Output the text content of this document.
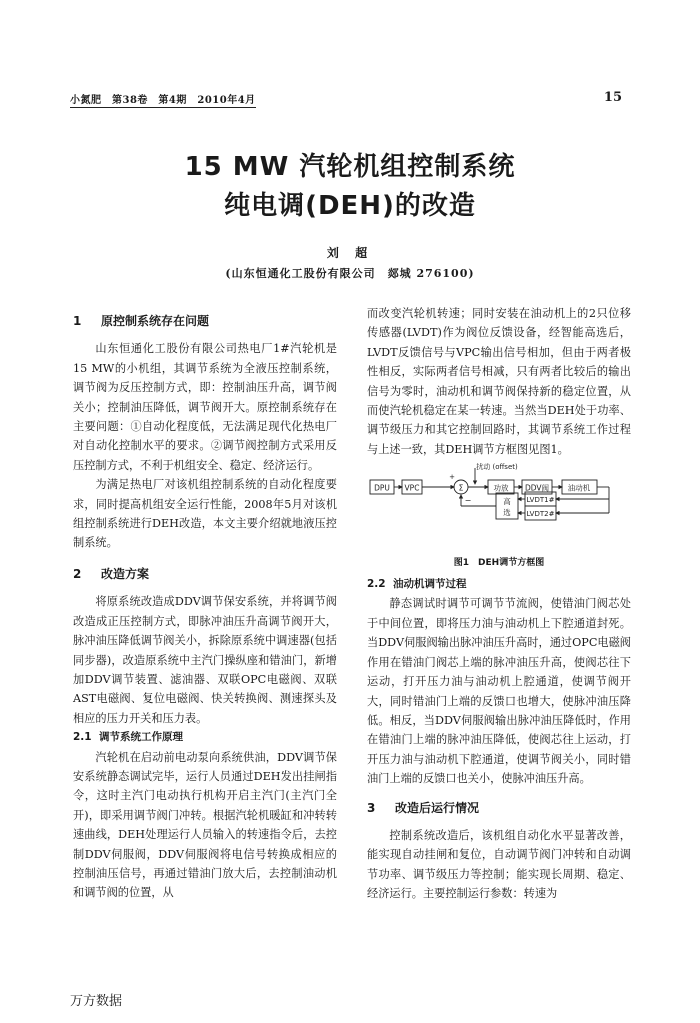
小氮肥　第38卷　第4期　2010年4月	15
15 MW 汽轮机组控制系统
纯电调(DEH)的改造
刘 超
(山东恒通化工股份有限公司　郯城 276100)
1 原控制系统存在问题

山东恒通化工股份有限公司热电厂1#汽轮机是15 MW的小机组，其调节系统为全液压控制系统，调节阀为反压控制方式，即：控制油压升高，调节阀关小；控制油压降低，调节阀开大。原控制系统存在主要问题：①自动化程度低，无法满足现代化热电厂对自动化控制水平的要求。②调节阀控制方式采用反压控制方式，不利于机组安全、稳定、经济运行。

为满足热电厂对该机组控制系统的自动化程度要求，同时提高机组安全运行性能，2008年5月对该机组控制系统进行DEH改造，本文主要介绍就地液压控制系统。

2 改造方案

将原系统改造成DDV调节保安系统，并将调节阀改造成正压控制方式，即脉冲油压升高调节阀开大，脉冲油压降低调节阀关小，拆除原系统中调速器(包括同步器)，改造原系统中主汽门操纵座和错油门，新增加DDV调节装置、滤油器、双联OPC电磁阀、双联AST电磁阀、复位电磁阀、快关转换阀、测速探头及相应的压力开关和压力表。

2.1 调节系统工作原理

汽轮机在启动前电动泵向系统供油，DDV调节保安系统静态调试完毕，运行人员通过DEH发出挂闸指令，这时主汽门电动执行机构开启主汽门(主汽门全开)，即采用调节阀门冲转。根据汽轮机暖缸和冲转转速曲线，DEH处理运行人员输入的转速指令后，去控制DDV伺服阀，DDV伺服阀将电信号转换成相应的控制油压信号，再通过错油门放大后，去控制油动机和调节阀的位置，从

而改变汽轮机转速；同时安装在油动机上的2只位移传感器(LVDT)作为阀位反馈设备，经智能高选后，LVDT反馈信号与VPC输出信号相加，但由于两者极性相反，实际两者信号相减，只有两者比较后的输出信号为零时，油动机和调节阀保持新的稳定位置，从而使汽轮机稳定在某一转速。当然当DEH处于功率、调节级压力和其它控制回路时，其调节系统工作过程与上述一致，其DEH调节方框图见图1。

扰动 (offset)
DPU VPC	Σ
+
−
功放 DDV阀 油动机
高
选
LVDT1#
LVDT2#
图1　DEH调节方框图
2.2 油动机调节过程

静态调试时调节可调节节流阀，使错油门阀芯处于中间位置，即将压力油与油动机上下腔通道封死。当DDV伺服阀输出脉冲油压升高时，通过OPC电磁阀作用在错油门阀芯上端的脉冲油压升高，使阀芯往下运动，打开压力油与油动机上腔通道，使调节阀开大，同时错油门上端的反馈口也增大，使脉冲油压降低。相反，当DDV伺服阀输出脉冲油压降低时，作用在错油门上端的脉冲油压降低，使阀芯往上运动，打开压力油与油动机下腔通道，使调节阀关小，同时错油门上端的反馈口也关小，使脉冲油压升高。

3 改造后运行情况

控制系统改造后，该机组自动化水平显著改善，能实现自动挂闸和复位，自动调节阀门冲转和自动调节功率、调节级压力等控制；能实现长周期、稳定、经济运行。主要控制运行参数：转速为

万方数据
